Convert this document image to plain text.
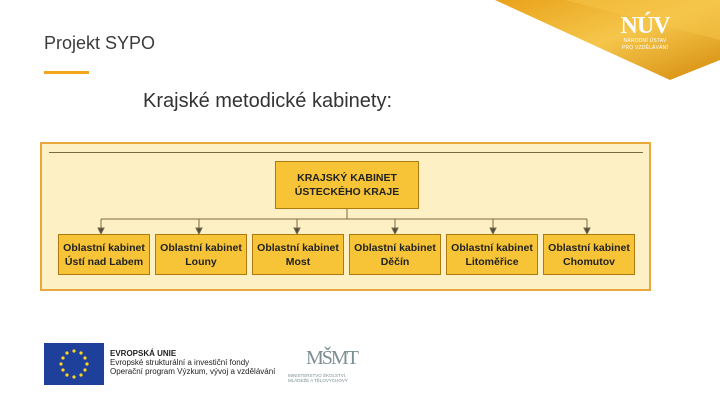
NÚV
NÁRODNÍ ÚSTAV
PRO VZDĚLÁVÁNÍ
Projekt SYPO
Krajské metodické kabinety:
KRAJSKÝ KABINET
ÚSTECKÉHO KRAJE
Oblastní kabinet
Ústí nad Labem
Oblastní kabinet
Louny
Oblastní kabinet
Most
Oblastní kabinet
Děčín
Oblastní kabinet
Litoměřice
Oblastní kabinet
Chomutov
EVROPSKÁ UNIE
Evropské strukturální a investiční fondy
Operační program Výzkum, vývoj a vzdělávání
MŠMT
MINISTERSTVO ŠKOLSTVÍ,
MLÁDEŽE A TĚLOVÝCHOVY
